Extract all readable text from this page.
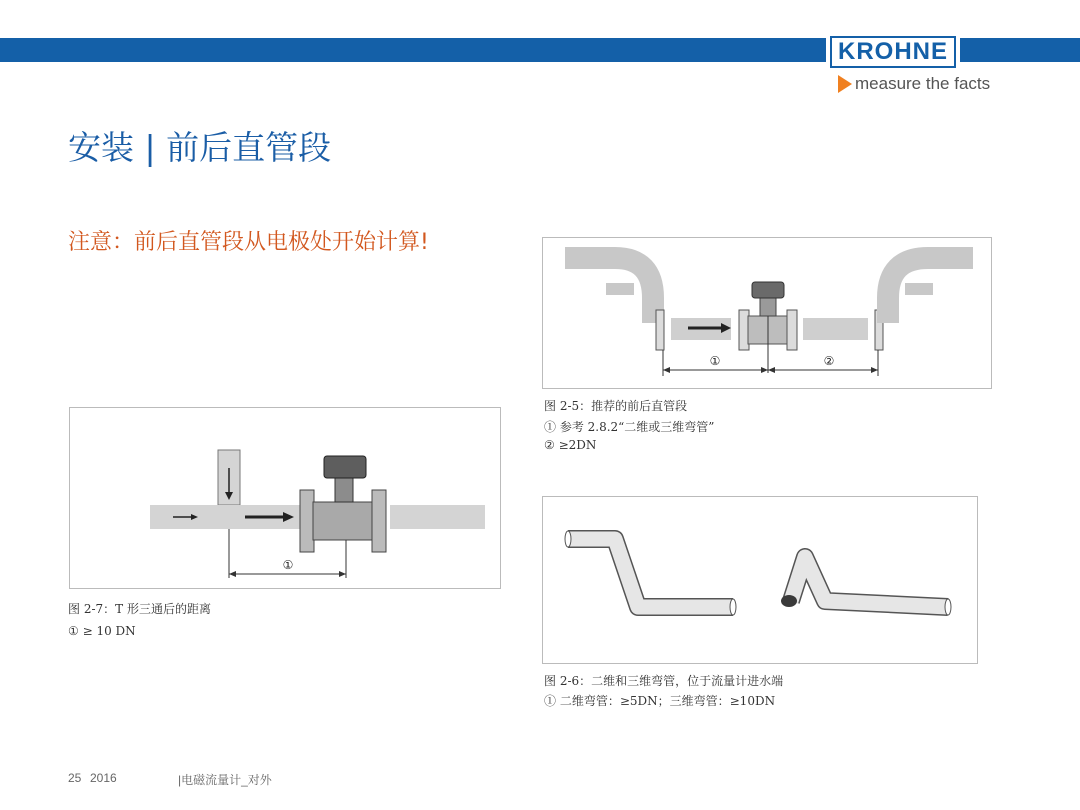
KROHNE
measure the facts
安装 | 前后直管段
注意：前后直管段从电极处开始计算!
①	②
图 2-5：推荐的前后直管段
① 参考 2.8.2“二维或三维弯管”
② ≥2DN
①
图 2-7：T 形三通后的距离
① ≥ 10 DN
图 2-6：二维和三维弯管，位于流量计进水端
① 二维弯管：≥5DN；三维弯管：≥10DN
25 2016	|电磁流量计_对外
